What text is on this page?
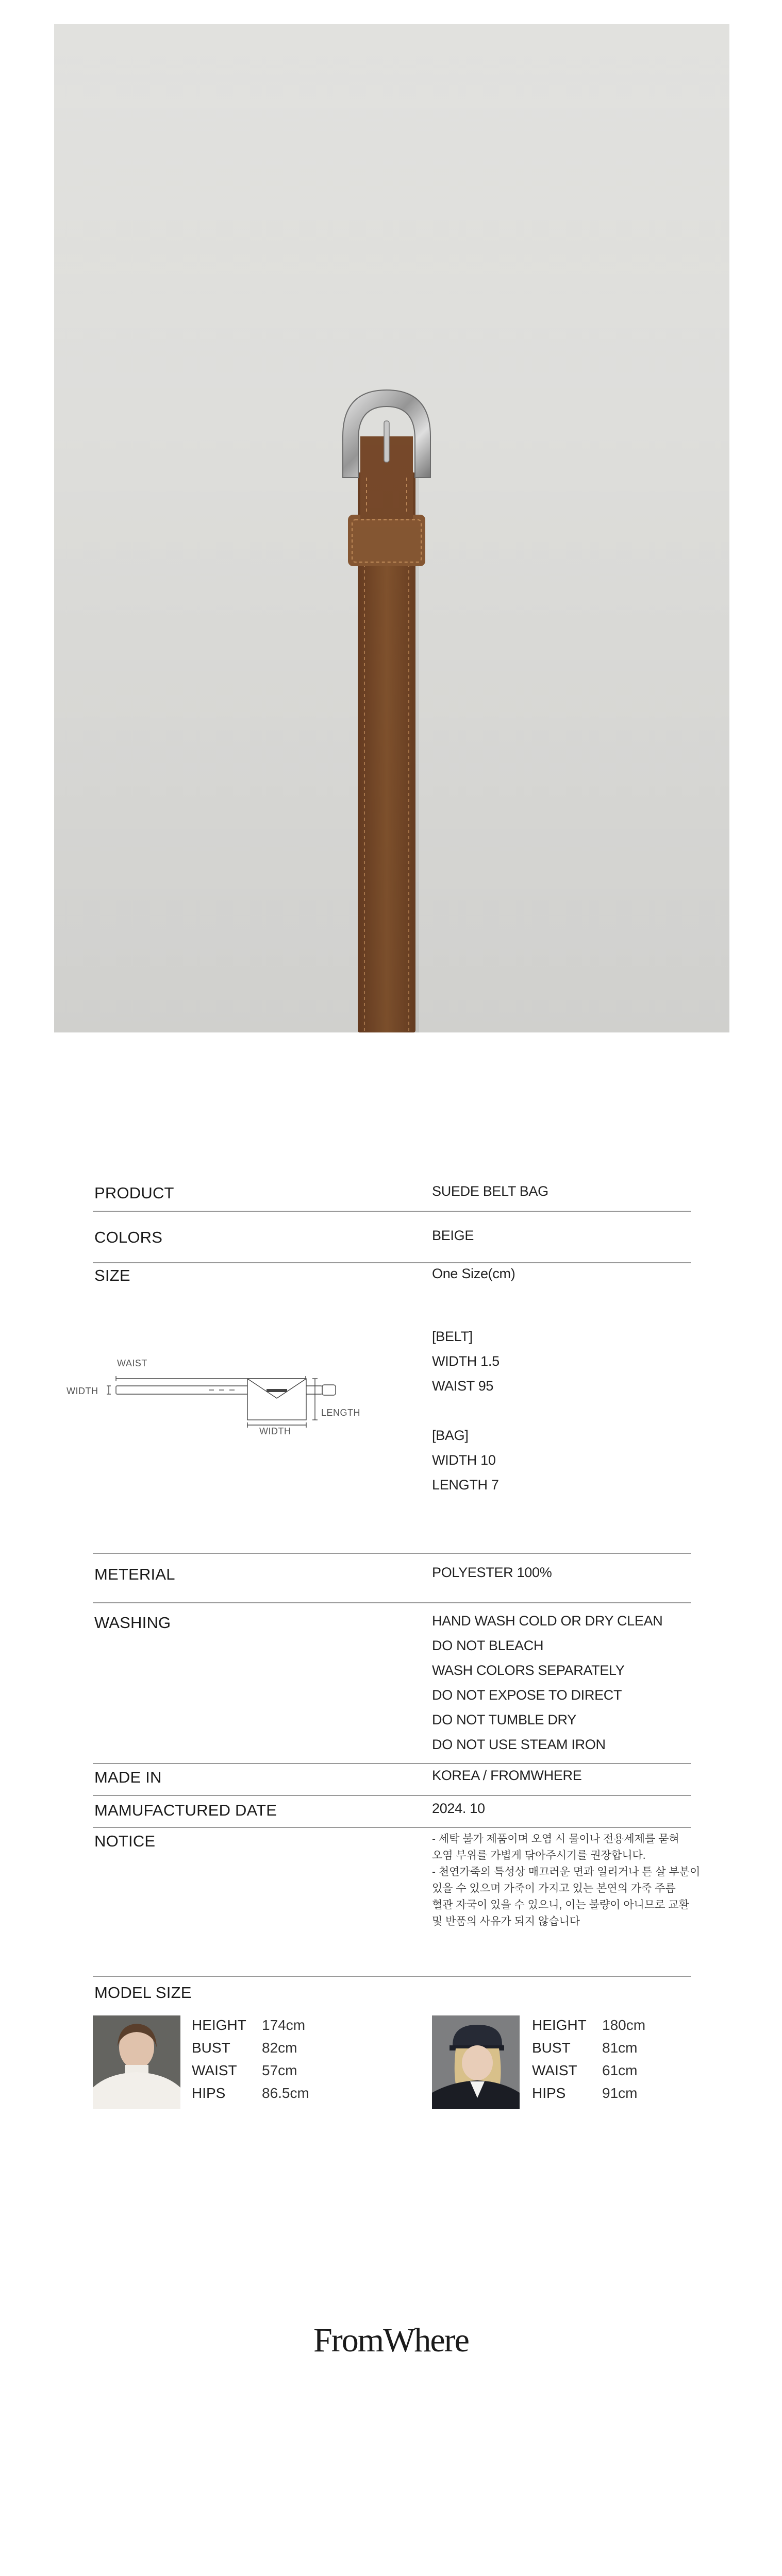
PRODUCT	SUEDE BELT BAG
COLORS	BEIGE
SIZE	One Size(cm)
[BELT]
WIDTH 1.5
WAIST 95
[BAG]
WIDTH 10
LENGTH 7
WAIST
WIDTH
WIDTH
LENGTH
METERIAL	POLYESTER 100%
WASHING	HAND WASH COLD OR DRY CLEAN
DO NOT BLEACH
WASH COLORS SEPARATELY
DO NOT EXPOSE TO DIRECT
DO NOT TUMBLE DRY
DO NOT USE STEAM IRON
MADE IN	KOREA / FROMWHERE
MAMUFACTURED DATE	2024. 10
NOTICE	- 세탁 불가 제품이며 오염 시 물이나 전용세제를 묻혀
오염 부위를 가볍게 닦아주시기를 권장합니다.
- 천연가죽의 특성상 매끄러운 면과 일리거나 튼 살 부분이
있을 수 있으며 가죽이 가지고 있는 본연의 가죽 주름
혈관 자국이 있을 수 있으니, 이는 불량이 아니므로 교환
및 반품의 사유가 되지 않습니다
MODEL SIZE
HEIGHT 174cm
BUST 82cm
WAIST 57cm
HIPS	86.5cm
HEIGHT 180cm
BUST 81cm
WAIST 61cm
HIPS	91cm
FromWhere
